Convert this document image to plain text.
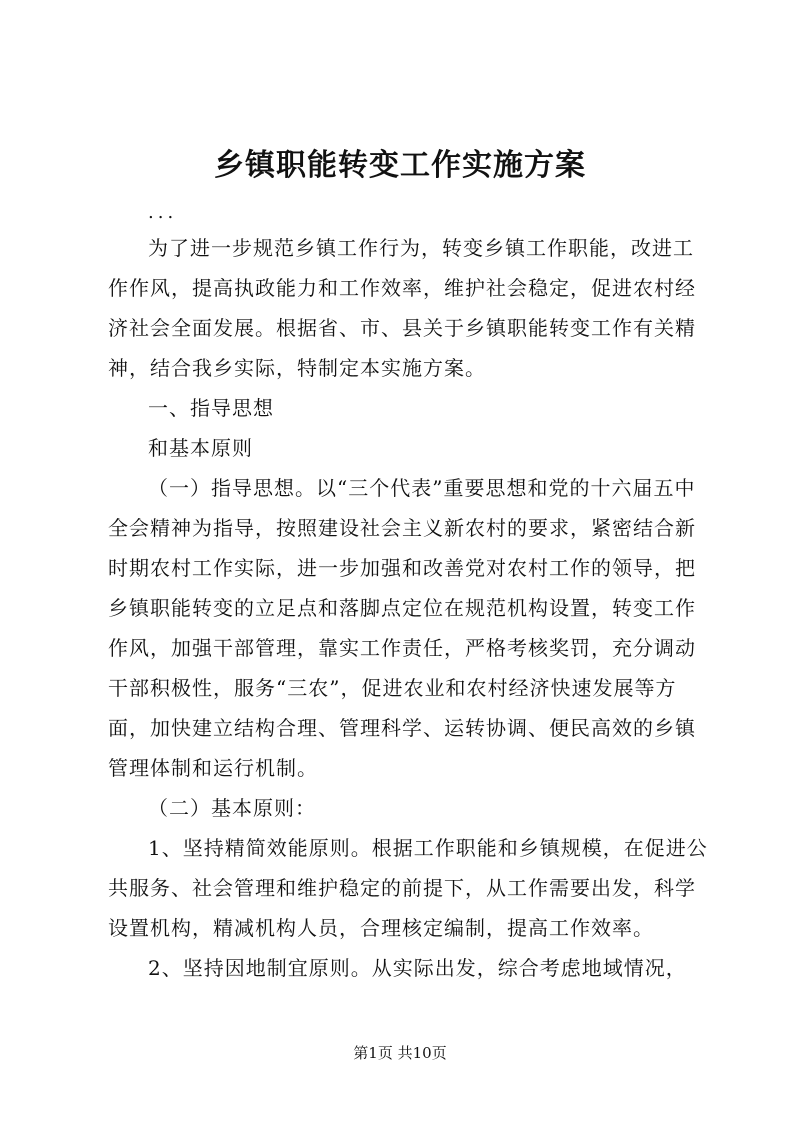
乡镇职能转变工作实施方案
...

为了进一步规范乡镇工作行为，转变乡镇工作职能，改进工作作风，提高执政能力和工作效率，维护社会稳定，促进农村经济社会全面发展。根据省、市、县关于乡镇职能转变工作有关精神，结合我乡实际，特制定本实施方案。

一、指导思想

和基本原则

（一）指导思想。以“三个代表”重要思想和党的十六届五中全会精神为指导，按照建设社会主义新农村的要求，紧密结合新时期农村工作实际，进一步加强和改善党对农村工作的领导，把乡镇职能转变的立足点和落脚点定位在规范机构设置，转变工作作风，加强干部管理，靠实工作责任，严格考核奖罚，充分调动干部积极性，服务“三农”，促进农业和农村经济快速发展等方面，加快建立结构合理、管理科学、运转协调、便民高效的乡镇管理体制和运行机制。

（二）基本原则：

1、坚持精简效能原则。根据工作职能和乡镇规模，在促进公共服务、社会管理和维护稳定的前提下，从工作需要出发，科学设置机构，精减机构人员，合理核定编制，提高工作效率。

2、坚持因地制宜原则。从实际出发，综合考虑地域情况，

第1页 共10页
